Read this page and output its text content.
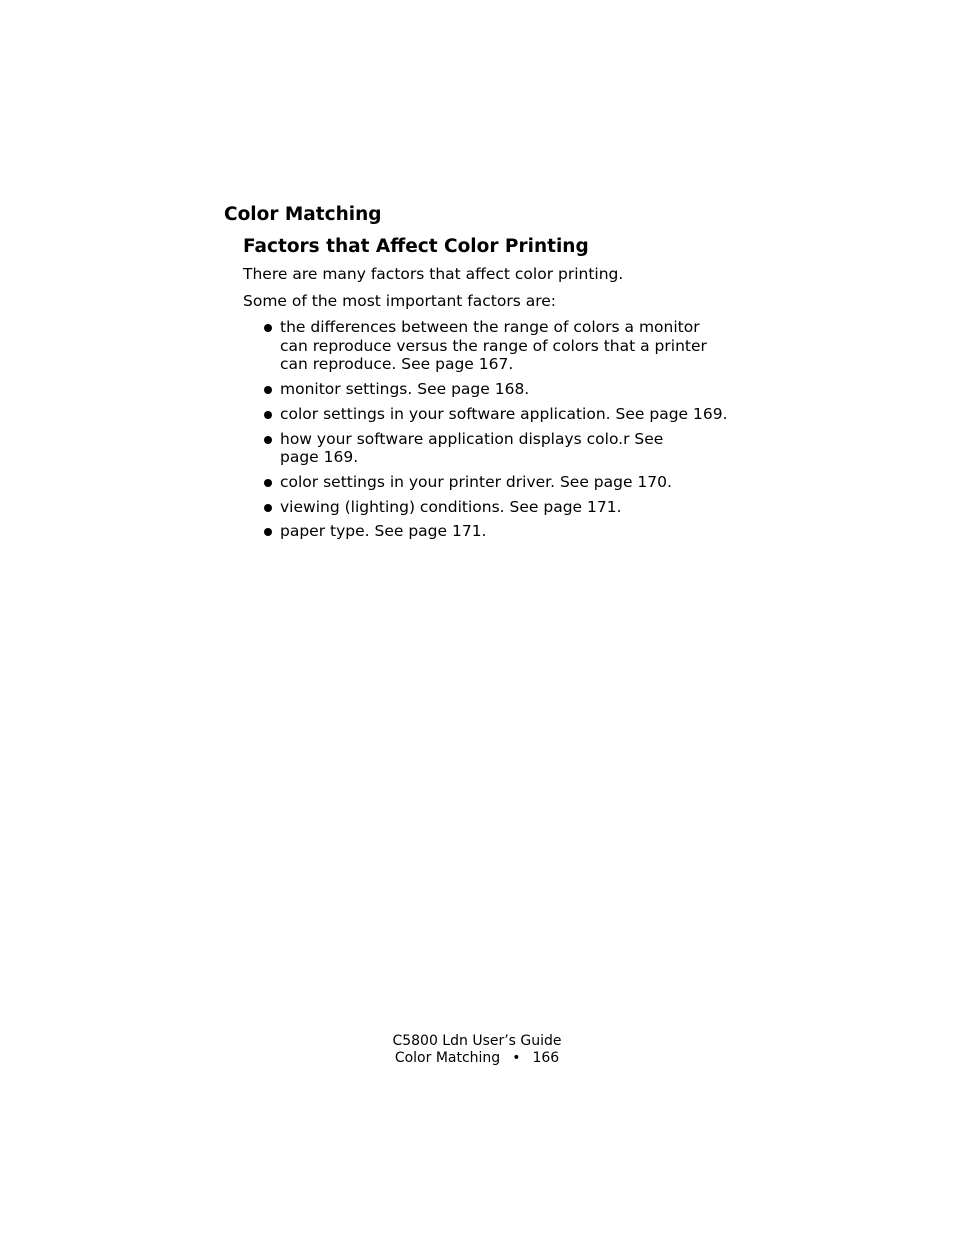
Color Matching
Factors that Affect Color Printing

There are many factors that affect color printing.

Some of the most important factors are:

the differences between the range of colors a monitor
can reproduce versus the range of colors that a printer
can reproduce. See page 167.
monitor settings. See page 168.
color settings in your software application. See page 169.
how your software application displays colo.r See
page 169.
color settings in your printer driver. See page 170.
viewing (lighting) conditions. See page 171.
paper type. See page 171.
C5800 Ldn User’s Guide
Color Matching • 166
